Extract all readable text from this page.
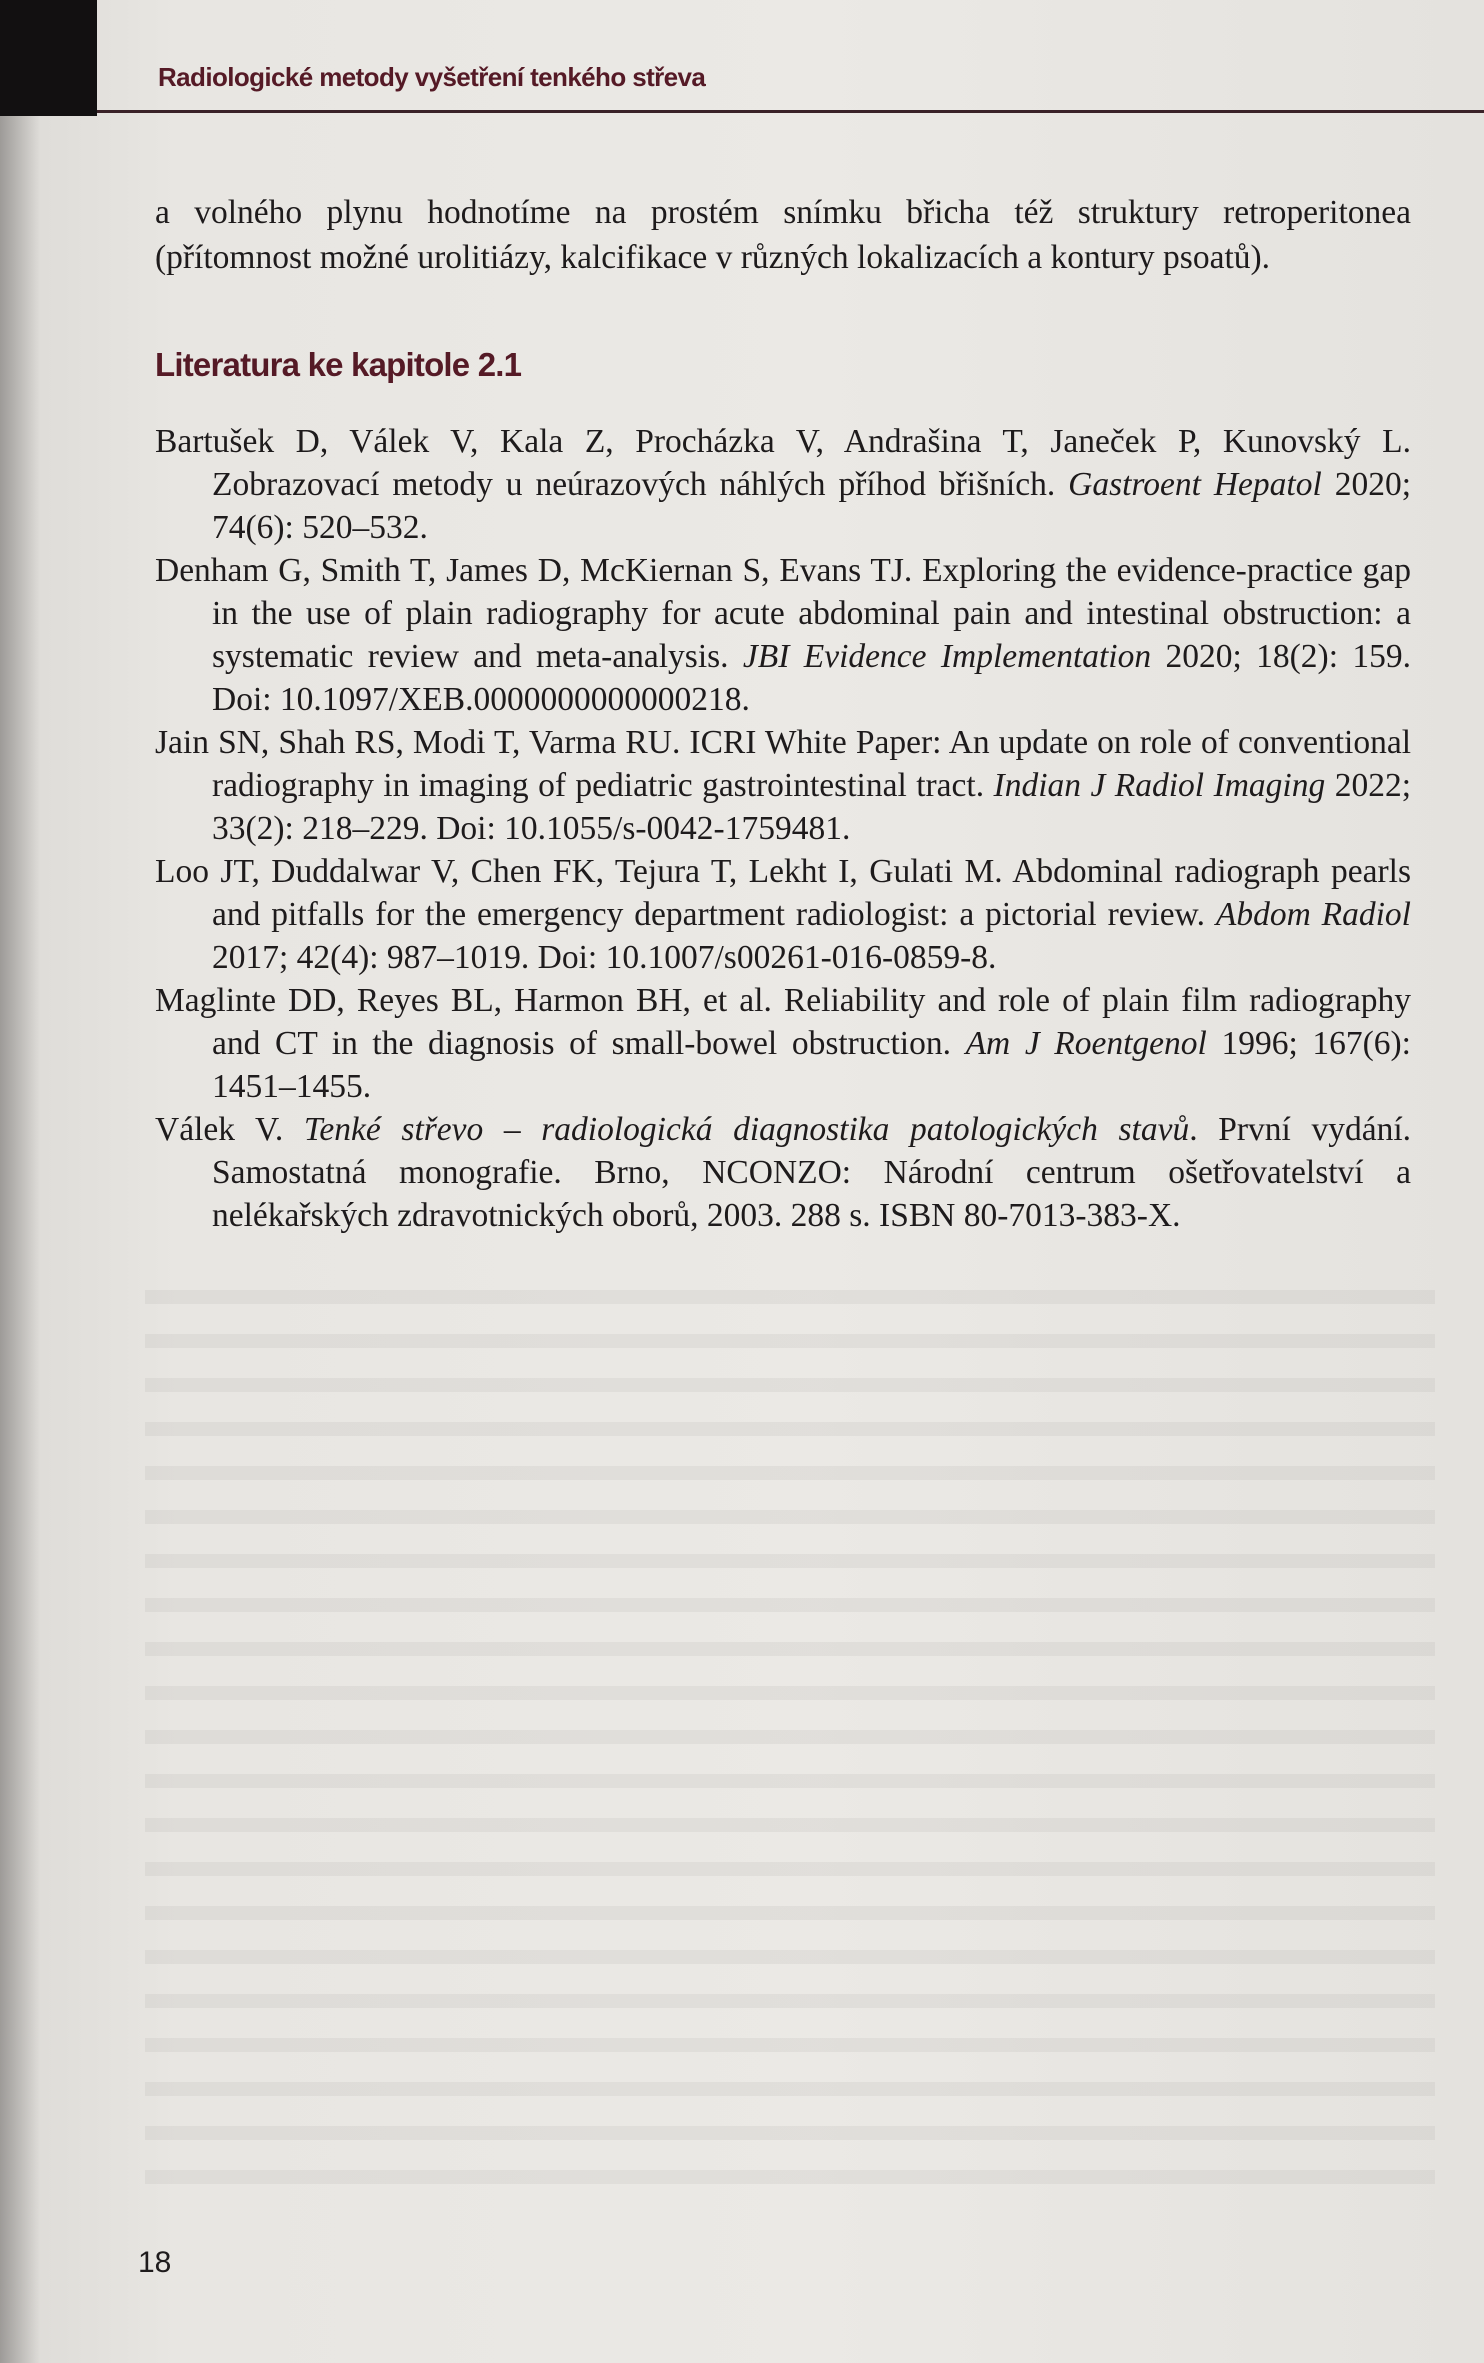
Radiologické metody vyšetření tenkého střeva

a volného plynu hodnotíme na prostém snímku břicha též struktury retroperitonea (přítomnost možné urolitiázy, kalcifikace v různých lokalizacích a kontury psoatů).

Literatura ke kapitole 2.1
Bartušek D, Válek V, Kala Z, Procházka V, Andrašina T, Janeček P, Kunovský L. Zobrazovací metody u neúrazových náhlých příhod břišních. Gastroent Hepatol 2020; 74(6): 520–532.
Denham G, Smith T, James D, McKiernan S, Evans TJ. Exploring the evidence-practice gap in the use of plain radiography for acute abdominal pain and intestinal obstruction: a systematic review and meta-analysis. JBI Evidence Implementation 2020; 18(2): 159. Doi: 10.1097/XEB.0000000000000218.
Jain SN, Shah RS, Modi T, Varma RU. ICRI White Paper: An update on role of conventional radiography in imaging of pediatric gastrointestinal tract. Indian J Radiol Imaging 2022; 33(2): 218–229. Doi: 10.1055/s-0042-1759481.
Loo JT, Duddalwar V, Chen FK, Tejura T, Lekht I, Gulati M. Abdominal radiograph pearls and pitfalls for the emergency department radiologist: a pictorial review. Abdom Radiol 2017; 42(4): 987–1019. Doi: 10.1007/s00261-016-0859-8.
Maglinte DD, Reyes BL, Harmon BH, et al. Reliability and role of plain film radiography and CT in the diagnosis of small-bowel obstruction. Am J Roentgenol 1996; 167(6): 1451–1455.
Válek V. Tenké střevo – radiologická diagnostika patologických stavů. První vydání. Samostatná monografie. Brno, NCONZO: Národní centrum ošetřovatelství a nelékařských zdravotnických oborů, 2003. 288 s. ISBN 80-7013-383-X.
18
